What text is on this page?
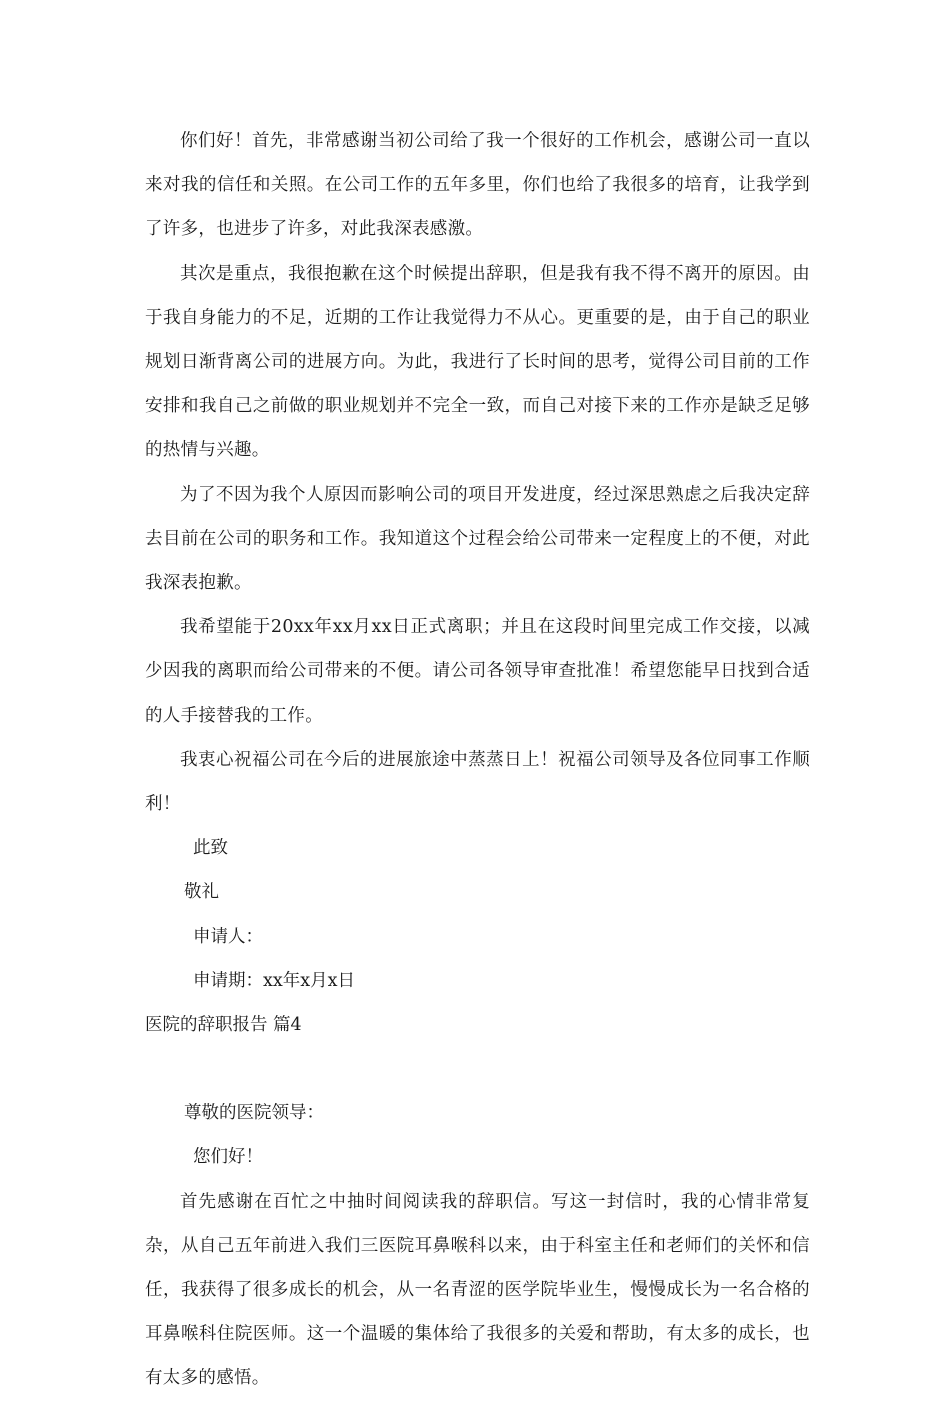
你们好！首先，非常感谢当初公司给了我一个很好的工作机会，感谢公司一直以来对我的信任和关照。在公司工作的五年多里，你们也给了我很多的培育，让我学到了许多，也进步了许多，对此我深表感激。

其次是重点，我很抱歉在这个时候提出辞职，但是我有我不得不离开的原因。由于我自身能力的不足，近期的工作让我觉得力不从心。更重要的是，由于自己的职业规划日渐背离公司的进展方向。为此，我进行了长时间的思考，觉得公司目前的工作安排和我自己之前做的职业规划并不完全一致，而自己对接下来的工作亦是缺乏足够的热情与兴趣。

为了不因为我个人原因而影响公司的项目开发进度，经过深思熟虑之后我决定辞去目前在公司的职务和工作。我知道这个过程会给公司带来一定程度上的不便，对此我深表抱歉。

我希望能于20xx年xx月xx日正式离职；并且在这段时间里完成工作交接，以减少因我的离职而给公司带来的不便。请公司各领导审查批准！希望您能早日找到合适的人手接替我的工作。

我衷心祝福公司在今后的进展旅途中蒸蒸日上！祝福公司领导及各位同事工作顺利！

此致

敬礼

申请人：

申请期：xx年x月x日

医院的辞职报告 篇4

尊敬的医院领导：

您们好！

首先感谢在百忙之中抽时间阅读我的辞职信。写这一封信时，我的心情非常复杂，从自己五年前进入我们三医院耳鼻喉科以来，由于科室主任和老师们的关怀和信任，我获得了很多成长的机会，从一名青涩的医学院毕业生，慢慢成长为一名合格的耳鼻喉科住院医师。这一个温暖的集体给了我很多的关爱和帮助，有太多的成长，也有太多的感悟。
